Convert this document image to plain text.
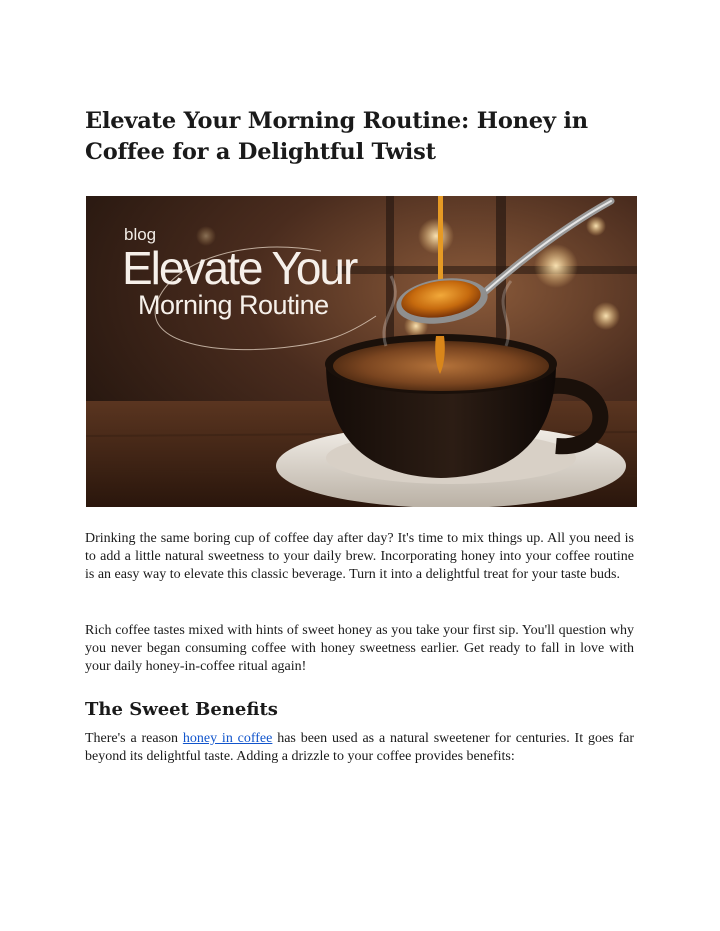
Elevate Your Morning Routine: Honey in Coffee for a Delightful Twist
blog
Elevate Your
Morning Routine

Drinking the same boring cup of coffee day after day? It's time to mix things up. All you need is to add a little natural sweetness to your daily brew. Incorporating honey into your coffee routine is an easy way to elevate this classic beverage. Turn it into a delightful treat for your taste buds.

Rich coffee tastes mixed with hints of sweet honey as you take your first sip. You'll question why you never began consuming coffee with honey sweetness earlier. Get ready to fall in love with your daily honey-in-coffee ritual again!

The Sweet Benefits

There's a reason honey in coffee has been used as a natural sweetener for centuries. It goes far beyond its delightful taste. Adding a drizzle to your coffee provides benefits:
